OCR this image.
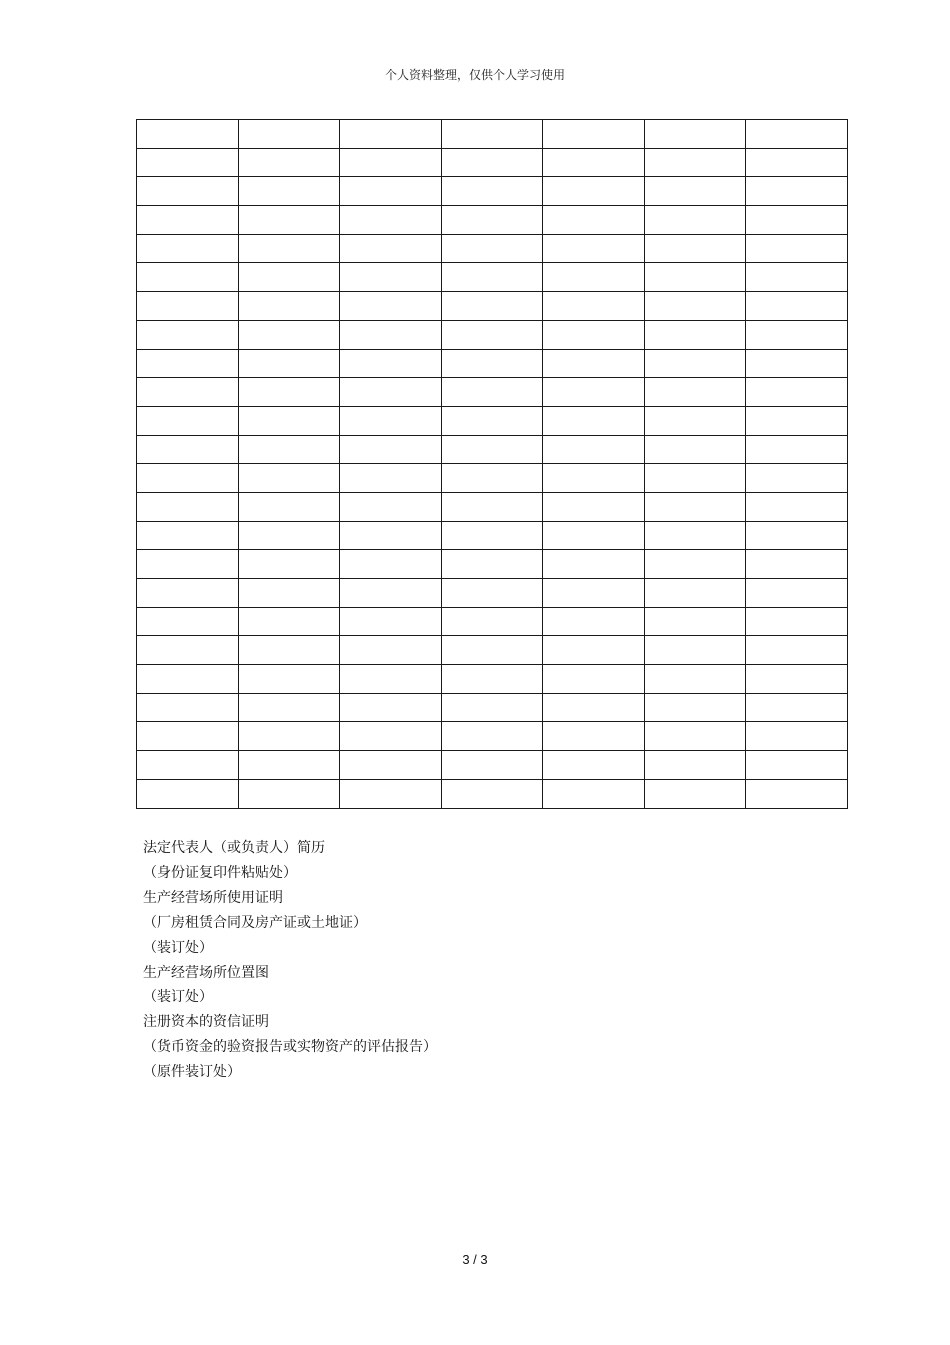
个人资料整理，仅供个人学习使用

法定代表人（或负责人）简历
（身份证复印件粘贴处）
生产经营场所使用证明
（厂房租赁合同及房产证或土地证）
（装订处）
生产经营场所位置图
（装订处）
注册资本的资信证明
（货币资金的验资报告或实物资产的评估报告）
（原件装订处）
3 / 3
